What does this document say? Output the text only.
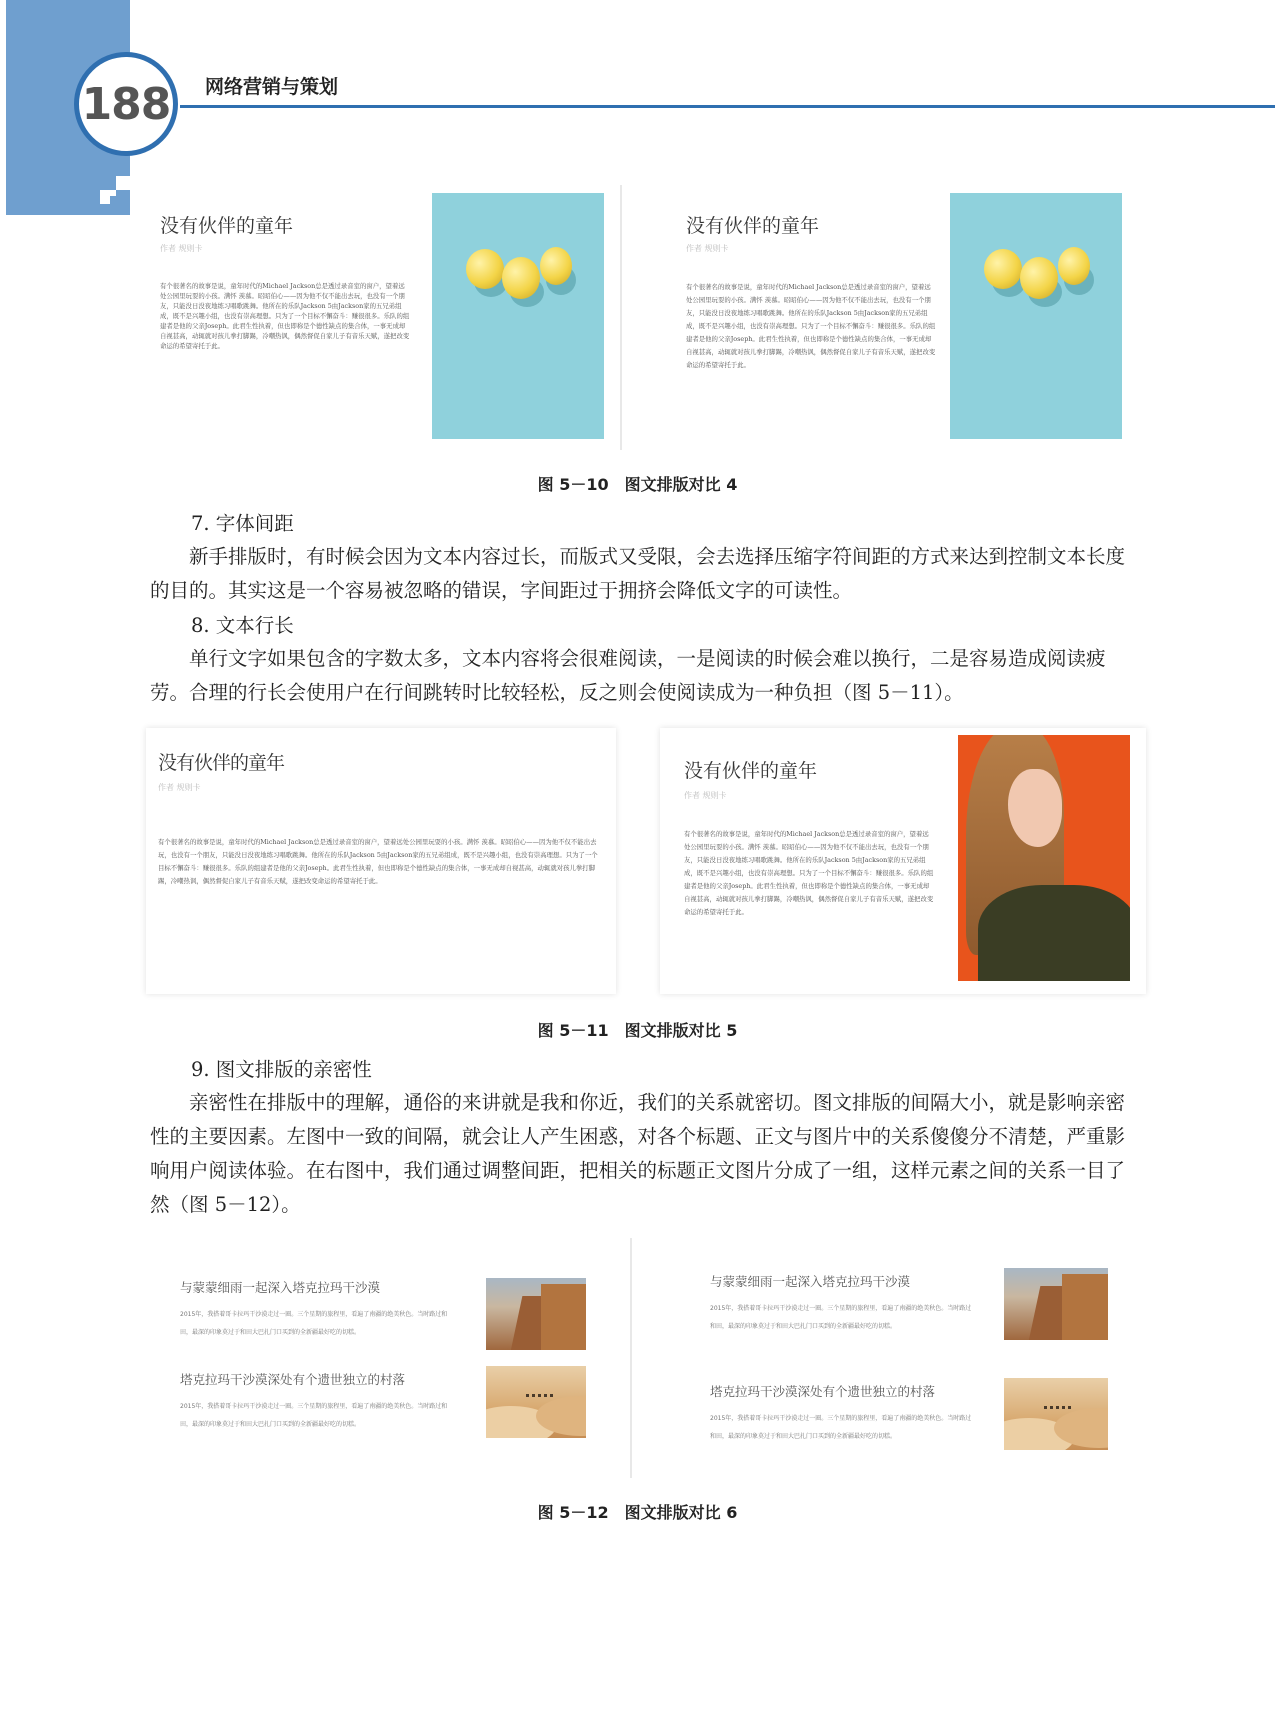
188	网络营销与策划
没有伙伴的童年
作者 规则卡
有个很著名的故事是说，童年时代的Michael Jackson总是透过录音室的窗户，望着远处公园里玩耍的小孩。满怀 羡慕。昭昭伯心——因为他不仅不能出去玩，也没有一个朋友，只能没日没夜地练习唱歌跳舞。他所在的乐队Jackson 5由Jackson家的五兄弟组成，既不是兴趣小组，也没有崇高理想。只为了一个目标不懈奋斗：赚很很多。乐队的组建者是他的父亲Joseph。此君生性执着，但也即称是个德性缺点的集合体，一事无成却自视甚高，动辄就对孩儿拳打脚踢，冷嘲热讽，偶然督促自家儿子有音乐天赋，遂把改变命运的希望寄托于此。
没有伙伴的童年
作者 规则卡
有个很著名的故事是说，童年时代的Michael Jackson总是透过录音室的窗户，望着远处公园里玩耍的小孩。满怀 羡慕。昭昭伯心——因为他不仅不能出去玩，也没有一个朋友，只能没日没夜地练习唱歌跳舞。他所在的乐队Jackson 5由Jackson家的五兄弟组成，既不是兴趣小组，也没有崇高理想。只为了一个目标不懈奋斗：赚很很多。乐队的组建者是他的父亲Joseph。此君生性执着，但也即称是个德性缺点的集合体，一事无成却自视甚高，动辄就对孩儿拳打脚踢，冷嘲热讽，偶然督促自家儿子有音乐天赋，遂把改变命运的希望寄托于此。
图 5－10　图文排版对比 4
7. 字体间距
新手排版时，有时候会因为文本内容过长，而版式又受限，会去选择压缩字符间距的方式来达到控制文本长度的目的。其实这是一个容易被忽略的错误，字间距过于拥挤会降低文字的可读性。
8. 文本行长
单行文字如果包含的字数太多，文本内容将会很难阅读，一是阅读的时候会难以换行，二是容易造成阅读疲劳。合理的行长会使用户在行间跳转时比较轻松，反之则会使阅读成为一种负担（图 5－11）。
没有伙伴的童年
作者 规则卡
有个很著名的故事是说，童年时代的Michael Jackson总是透过录音室的窗户，望着远处公园里玩耍的小孩。满怀 羡慕。昭昭伯心——因为他不仅不能出去玩，也没有一个朋友，只能没日没夜地练习唱歌跳舞。他所在的乐队Jackson 5由Jackson家的五兄弟组成，既不是兴趣小组，也没有崇高理想。只为了一个目标不懈奋斗：赚很很多。乐队的组建者是他的父亲Joseph。此君生性执着，但也即称是个德性缺点的集合体，一事无成却自视甚高，动辄就对孩儿拳打脚踢，冷嘲热讽，偶然督促自家儿子有音乐天赋，遂把改变命运的希望寄托于此。
没有伙伴的童年
作者 规则卡
有个很著名的故事是说，童年时代的Michael Jackson总是透过录音室的窗户，望着远处公园里玩耍的小孩。满怀 羡慕。昭昭伯心——因为他不仅不能出去玩，也没有一个朋友，只能没日没夜地练习唱歌跳舞。他所在的乐队Jackson 5由Jackson家的五兄弟组成，既不是兴趣小组，也没有崇高理想。只为了一个目标不懈奋斗：赚很很多。乐队的组建者是他的父亲Joseph。此君生性执着，但也即称是个德性缺点的集合体，一事无成却自视甚高，动辄就对孩儿拳打脚踢，冷嘲热讽，偶然督促自家儿子有音乐天赋，遂把改变命运的希望寄托于此。
图 5－11　图文排版对比 5
9. 图文排版的亲密性
亲密性在排版中的理解，通俗的来讲就是我和你近，我们的关系就密切。图文排版的间隔大小，就是影响亲密性的主要因素。左图中一致的间隔，就会让人产生困惑，对各个标题、正文与图片中的关系傻傻分不清楚，严重影响用户阅读体验。在右图中，我们通过调整间距，把相关的标题正文图片分成了一组，这样元素之间的关系一目了然（图 5－12）。
与蒙蒙细雨一起深入塔克拉玛干沙漠
2015年，我搭着哥卡拉玛干沙漠走过一圈。三个星期的旅程里，看遍了南疆的绝美秋色。当时路过和田，最深的印象莫过于和田大巴扎门口买到的全新疆最好吃的切糕。
塔克拉玛干沙漠深处有个遗世独立的村落
2015年，我搭着哥卡拉玛干沙漠走过一圈。三个星期的旅程里，看遍了南疆的绝美秋色。当时路过和田，最深的印象莫过于和田大巴扎门口买到的全新疆最好吃的切糕。
与蒙蒙细雨一起深入塔克拉玛干沙漠
2015年，我搭着哥卡拉玛干沙漠走过一圈。三个星期的旅程里，看遍了南疆的绝美秋色。当时路过和田，最深的印象莫过于和田大巴扎门口买到的全新疆最好吃的切糕。
塔克拉玛干沙漠深处有个遗世独立的村落
2015年，我搭着哥卡拉玛干沙漠走过一圈。三个星期的旅程里，看遍了南疆的绝美秋色。当时路过和田，最深的印象莫过于和田大巴扎门口买到的全新疆最好吃的切糕。
图 5－12　图文排版对比 6
